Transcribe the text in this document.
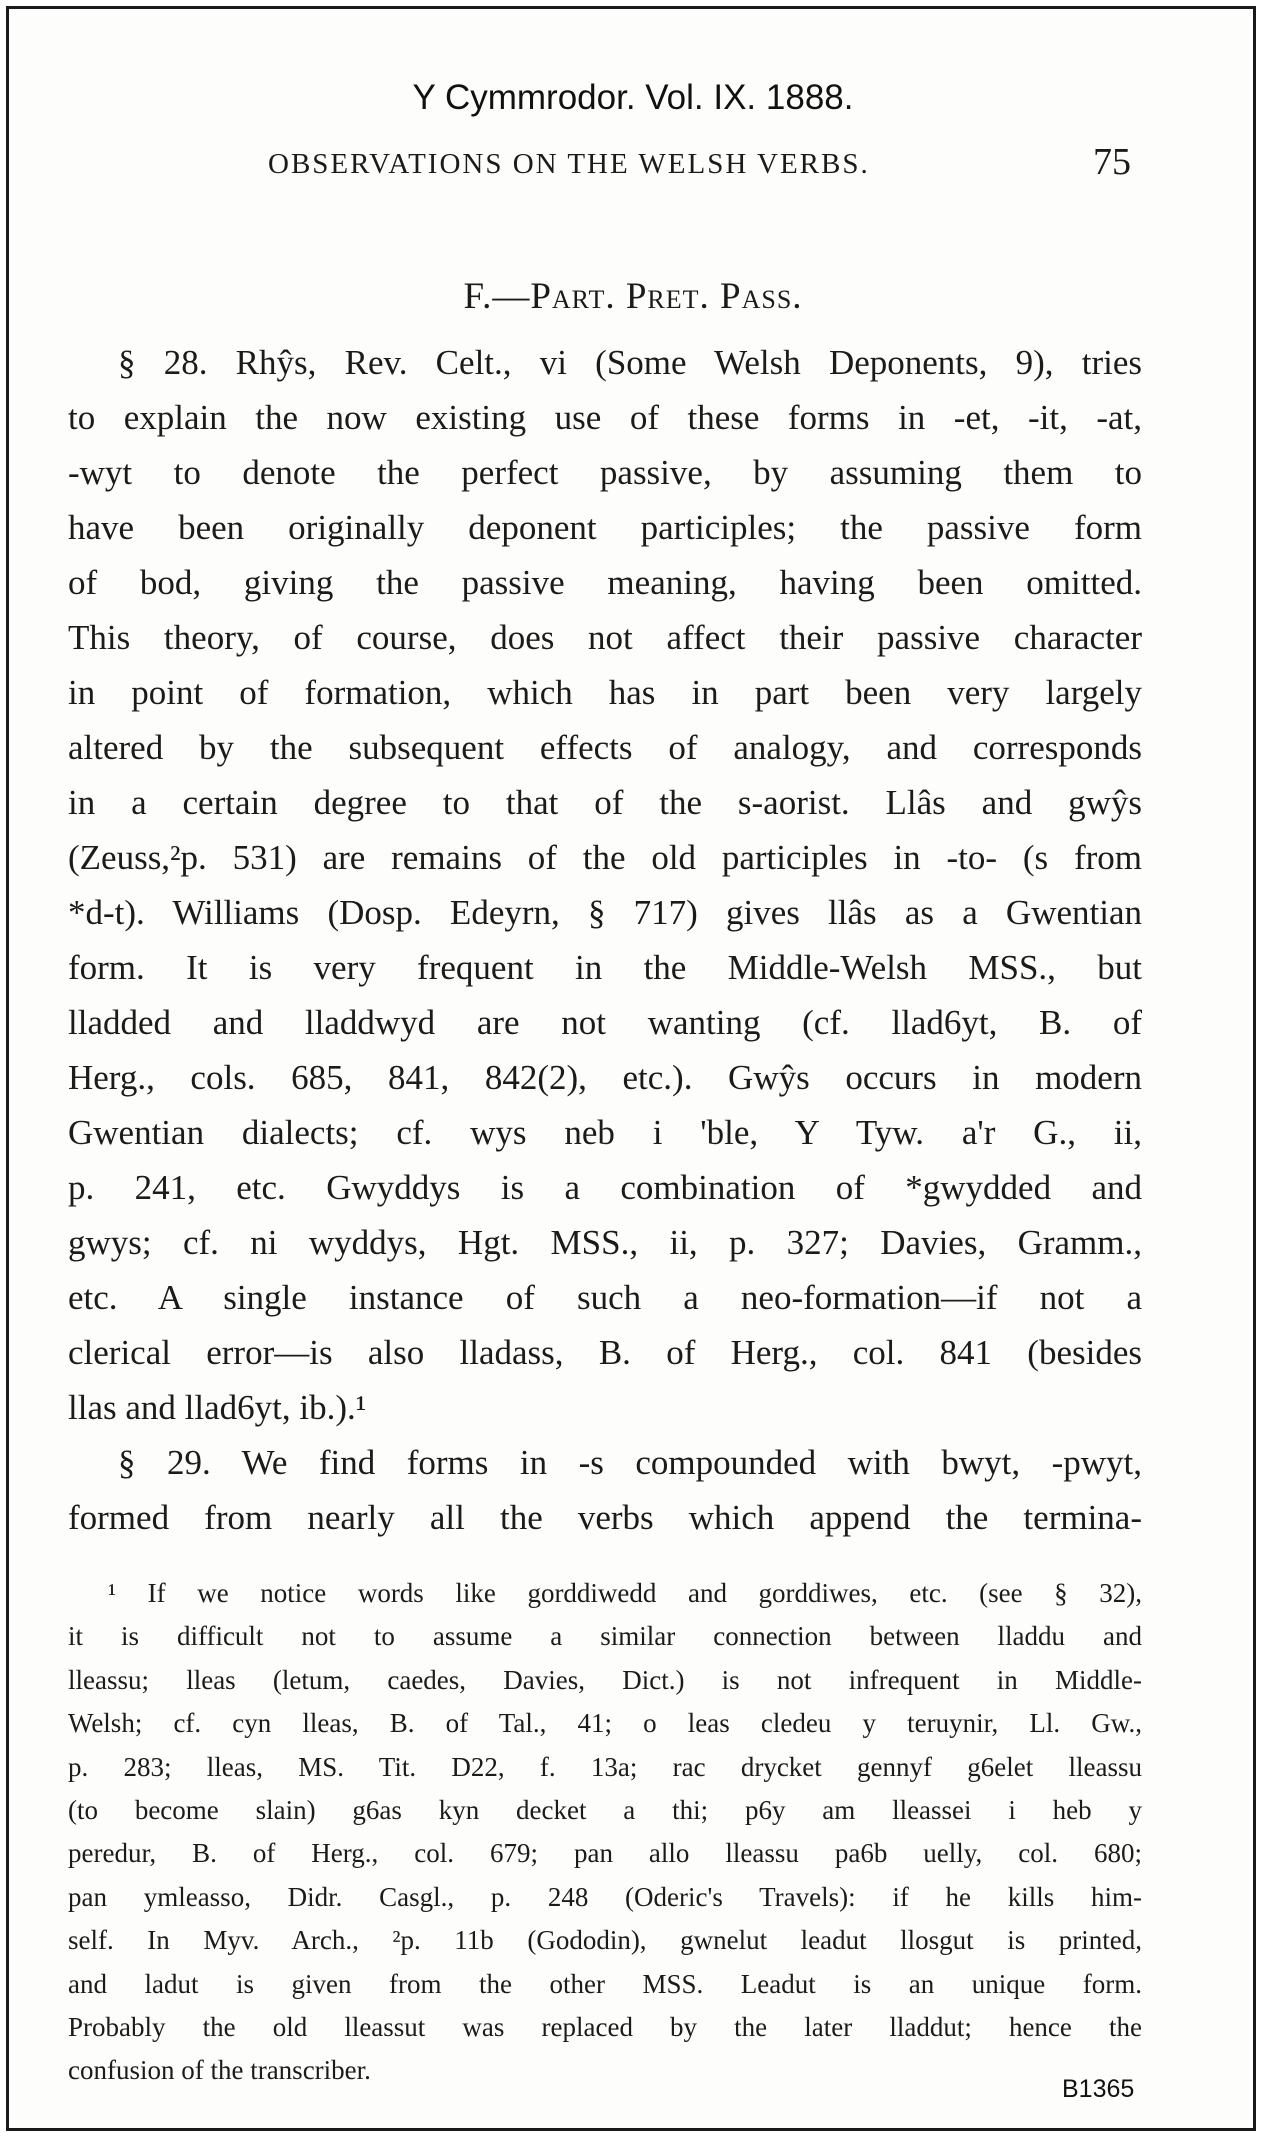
Y Cymmrodor. Vol. IX. 1888.
OBSERVATIONS ON THE WELSH VERBS.	75
F.—Part. Pret. Pass.
§ 28. Rhŷs, Rev. Celt., vi (Some Welsh Deponents, 9), tries
to explain the now existing use of these forms in -et, -it, -at,
-wyt to denote the perfect passive, by assuming them to
have been originally deponent participles; the passive form
of bod, giving the passive meaning, having been omitted.
This theory, of course, does not affect their passive character
in point of formation, which has in part been very largely
altered by the subsequent effects of analogy, and corresponds
in a certain degree to that of the s-aorist. Llâs and gwŷs
(Zeuss,²p. 531) are remains of the old participles in -to- (s from
*d-t). Williams (Dosp. Edeyrn, § 717) gives llâs as a Gwentian
form. It is very frequent in the Middle-Welsh MSS., but
lladded and lladdwyd are not wanting (cf. llad6yt, B. of
Herg., cols. 685, 841, 842(2), etc.). Gwŷs occurs in modern
Gwentian dialects; cf. wys neb i 'ble, Y Tyw. a'r G., ii,
p. 241, etc. Gwyddys is a combination of *gwydded and
gwys; cf. ni wyddys, Hgt. MSS., ii, p. 327; Davies, Gramm.,
etc. A single instance of such a neo-formation—if not a
clerical error—is also lladass, B. of Herg., col. 841 (besides
llas and llad6yt, ib.).¹
§ 29. We find forms in -s compounded with bwyt, -pwyt,
formed from nearly all the verbs which append the termina-
¹ If we notice words like gorddiwedd and gorddiwes, etc. (see § 32),
it is difficult not to assume a similar connection between lladdu and
lleassu; lleas (letum, caedes, Davies, Dict.) is not infrequent in Middle-
Welsh; cf. cyn lleas, B. of Tal., 41; o leas cledeu y teruynir, Ll. Gw.,
p. 283; lleas, MS. Tit. D22, f. 13a; rac drycket gennyf g6elet lleassu
(to become slain) g6as kyn decket a thi; p6y am lleassei i heb y
peredur, B. of Herg., col. 679; pan allo lleassu pa6b uelly, col. 680;
pan ymleasso, Didr. Casgl., p. 248 (Oderic's Travels): if he kills him-
self. In Myv. Arch., ²p. 11b (Gododin), gwnelut leadut llosgut is printed,
and ladut is given from the other MSS. Leadut is an unique form.
Probably the old lleassut was replaced by the later lladdut; hence the
confusion of the transcriber.
B1365
